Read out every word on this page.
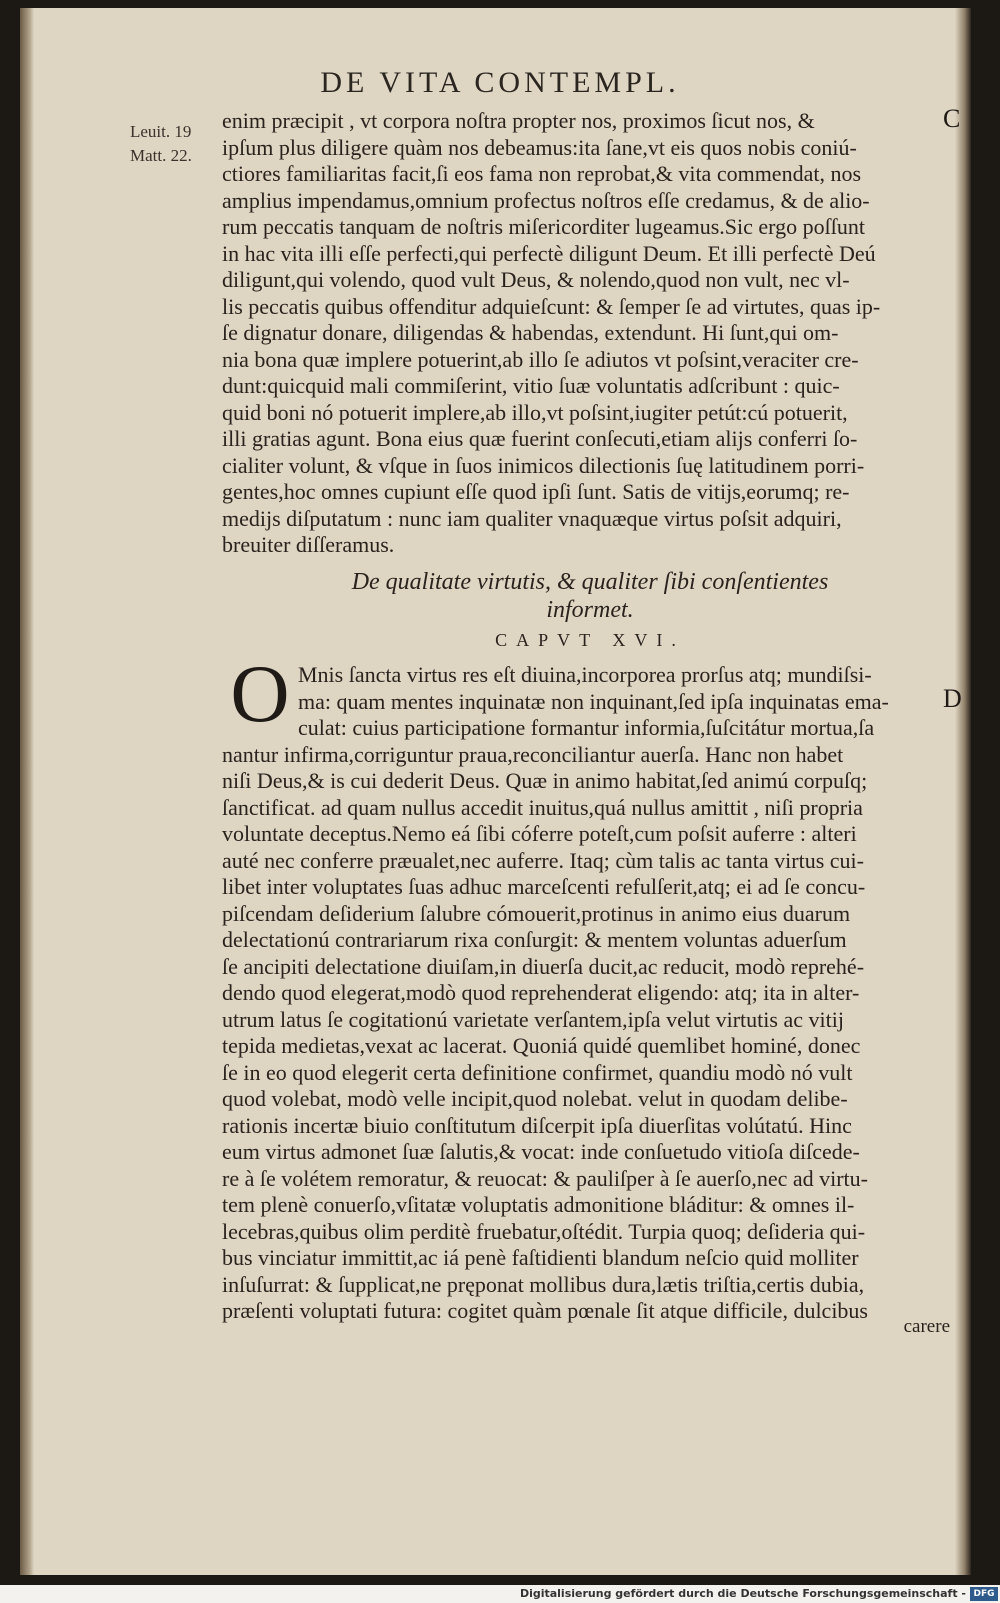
DE VITA CONTEMPL.
Leuit. 19
Matt. 22.
C
D
enim præcipit , vt corpora noſtra propter nos, proximos ſicut nos, &
ipſum plus diligere quàm nos debeamus:ita ſane,vt eis quos nobis coniú-
ctiores familiaritas facit,ſi eos fama non reprobat,& vita commendat, nos
amplius impendamus,omnium profectus noſtros eſſe credamus, & de alio-
rum peccatis tanquam de noſtris miſericorditer lugeamus.Sic ergo poſſunt
in hac vita illi eſſe perfecti,qui perfectè diligunt Deum. Et illi perfectè Deú
diligunt,qui volendo, quod vult Deus, & nolendo,quod non vult, nec vl-
lis peccatis quibus offenditur adquieſcunt: & ſemper ſe ad virtutes, quas ip-
ſe dignatur donare, diligendas & habendas, extendunt. Hi ſunt,qui om-
nia bona quæ implere potuerint,ab illo ſe adiutos vt poſsint,veraciter cre-
dunt:quicquid mali commiſerint, vitio ſuæ voluntatis adſcribunt : quic-
quid boni nó potuerit implere,ab illo,vt poſsint,iugiter petút:cú potuerit,
illi gratias agunt. Bona eius quæ fuerint conſecuti,etiam alijs conferri ſo-
cialiter volunt, & vſque in ſuos inimicos dilectionis ſuę latitudinem porri-
gentes,hoc omnes cupiunt eſſe quod ipſi ſunt. Satis de vitijs,eorumq; re-
medijs diſputatum : nunc iam qualiter vnaquæque virtus poſsit adquiri,
breuiter diſſeramus.
De qualitate virtutis, & qualiter ſibi conſentientes
informet.
CAPVT XVI.
O Mnis ſancta virtus res eſt diuina,incorporea prorſus atq; mundiſsi-
ma: quam mentes inquinatæ non inquinant,ſed ipſa inquinatas ema-
culat: cuius participatione formantur informia,ſuſcitátur mortua,ſa
nantur infirma,corriguntur praua,reconciliantur auerſa. Hanc non habet
niſi Deus,& is cui dederit Deus. Quæ in animo habitat,ſed animú corpuſq;
ſanctificat. ad quam nullus accedit inuitus,quá nullus amittit , niſi propria
voluntate deceptus.Nemo eá ſibi cóferre poteſt,cum poſsit auferre : alteri
auté nec conferre præualet,nec auferre. Itaq; cùm talis ac tanta virtus cui-
libet inter voluptates ſuas adhuc marceſcenti refulſerit,atq; ei ad ſe concu-
piſcendam deſiderium ſalubre cómouerit,protinus in animo eius duarum
delectationú contrariarum rixa conſurgit: & mentem voluntas aduerſum
ſe ancipiti delectatione diuiſam,in diuerſa ducit,ac reducit, modò reprehé-
dendo quod elegerat,modò quod reprehenderat eligendo: atq; ita in alter-
utrum latus ſe cogitationú varietate verſantem,ipſa velut virtutis ac vitij
tepida medietas,vexat ac lacerat. Quoniá quidé quemlibet hominé, donec
ſe in eo quod elegerit certa definitione confirmet, quandiu modò nó vult
quod volebat, modò velle incipit,quod nolebat. velut in quodam delibe-
rationis incertæ biuio conſtitutum diſcerpit ipſa diuerſitas volútatú. Hinc
eum virtus admonet ſuæ ſalutis,& vocat: inde conſuetudo vitioſa diſcede-
re à ſe volétem remoratur, & reuocat: & pauliſper à ſe auerſo,nec ad virtu-
tem plenè conuerſo,vſitatæ voluptatis admonitione bláditur: & omnes il-
lecebras,quibus olim perditè fruebatur,oſtédit. Turpia quoq; deſideria qui-
bus vinciatur immittit,ac iá penè faſtidienti blandum neſcio quid molliter
inſuſurrat: & ſupplicat,ne pręponat mollibus dura,lætis triſtia,certis dubia,
præſenti voluptati futura: cogitet quàm pœnale ſit atque difficile, dulcibus
carere
Digitalisierung gefördert durch die Deutsche Forschungsgemeinschaft - DFG
